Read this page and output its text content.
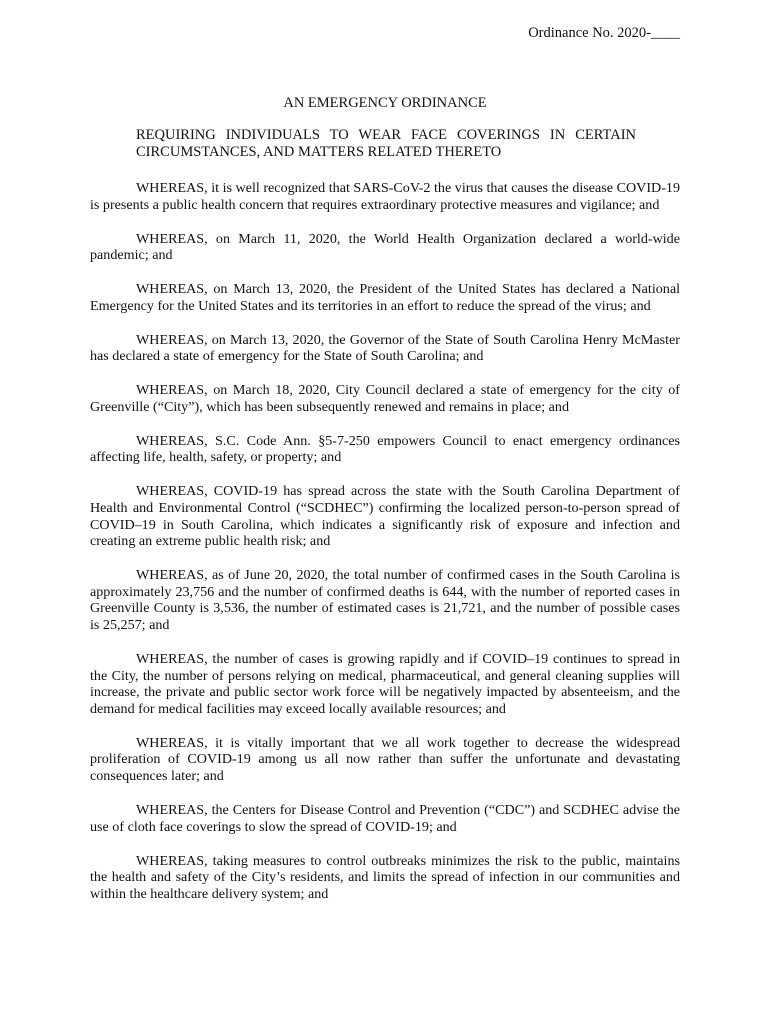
Ordinance No. 2020-____
AN EMERGENCY ORDINANCE
REQUIRING INDIVIDUALS TO WEAR FACE COVERINGS IN CERTAIN CIRCUMSTANCES, AND MATTERS RELATED THERETO

WHEREAS, it is well recognized that SARS-CoV-2 the virus that causes the disease COVID-19 is presents a public health concern that requires extraordinary protective measures and vigilance; and

WHEREAS, on March 11, 2020, the World Health Organization declared a world-wide pandemic; and

WHEREAS, on March 13, 2020, the President of the United States has declared a National Emergency for the United States and its territories in an effort to reduce the spread of the virus; and

WHEREAS, on March 13, 2020, the Governor of the State of South Carolina Henry McMaster has declared a state of emergency for the State of South Carolina; and

WHEREAS, on March 18, 2020, City Council declared a state of emergency for the city of Greenville (“City”), which has been subsequently renewed and remains in place; and

WHEREAS, S.C. Code Ann. §5-7-250 empowers Council to enact emergency ordinances affecting life, health, safety, or property; and

WHEREAS, COVID-19 has spread across the state with the South Carolina Department of Health and Environmental Control (“SCDHEC”) confirming the localized person-to-person spread of COVID–19 in South Carolina, which indicates a significantly risk of exposure and infection and creating an extreme public health risk; and

WHEREAS, as of June 20, 2020, the total number of confirmed cases in the South Carolina is approximately 23,756 and the number of confirmed deaths is 644, with the number of reported cases in Greenville County is 3,536, the number of estimated cases is 21,721, and the number of possible cases is 25,257; and

WHEREAS, the number of cases is growing rapidly and if COVID–19 continues to spread in the City, the number of persons relying on medical, pharmaceutical, and general cleaning supplies will increase, the private and public sector work force will be negatively impacted by absenteeism, and the demand for medical facilities may exceed locally available resources; and

WHEREAS, it is vitally important that we all work together to decrease the widespread proliferation of COVID-19 among us all now rather than suffer the unfortunate and devastating consequences later; and

WHEREAS, the Centers for Disease Control and Prevention (“CDC”) and SCDHEC advise the use of cloth face coverings to slow the spread of COVID-19; and

WHEREAS, taking measures to control outbreaks minimizes the risk to the public, maintains the health and safety of the City’s residents, and limits the spread of infection in our communities and within the healthcare delivery system; and
